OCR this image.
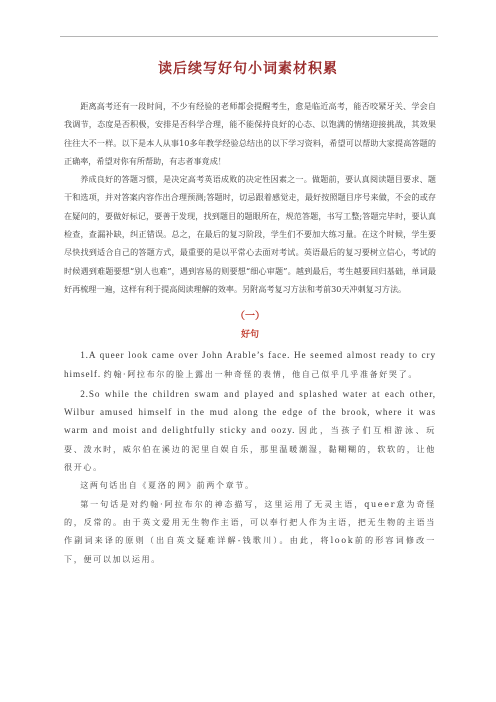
读后续写好句小词素材积累

距离高考还有一段时间，不少有经验的老师都会提醒考生，愈是临近高考，能否咬紧牙关、学会自我调节，态度是否积极，安排是否科学合理，能不能保持良好的心态、以饱满的情绪迎接挑战，其效果往往大不一样。以下是本人从事10多年教学经验总结出的以下学习资料，希望可以帮助大家提高答题的正确率，希望对你有所帮助，有志者事竟成！

养成良好的答题习惯，是决定高考英语成败的决定性因素之一。做题前，要认真阅读题目要求、题干和选项，并对答案内容作出合理预测;答题时，切忌跟着感觉走，最好按照题目序号来做，不会的或存在疑问的，要做好标记，要善于发现，找到题目的题眼所在，规范答题，书写工整;答题完毕时，要认真检查，查漏补缺，纠正错误。总之，在最后的复习阶段，学生们不要加大练习量。在这个时候，学生要尽快找到适合自己的答题方式，最重要的是以平常心去面对考试。英语最后的复习要树立信心，考试的时候遇到难题要想“别人也难”，遇到容易的则要想“细心审题”。越到最后，考生越要回归基础，单词最好再梳理一遍，这样有利于提高阅读理解的效率。另附高考复习方法和考前30天冲刺复习方法。

（一）
好句

1.A queer look came over John Arable’s face. He seemed almost ready to cry himself. 约翰·阿拉布尔的脸上露出一种奇怪的表情，他自己似乎几乎准备好哭了。

2.So while the children swam and played and splashed water at each other, Wilbur amused himself in the mud along the edge of the brook, where it was warm and moist and delightfully sticky and oozy. 因此，当孩子们互相游泳、玩耍、泼水时，威尔伯在溪边的泥里自娱自乐，那里温暖潮湿，黏糊糊的，软软的，让他很开心。

这两句话出自《夏洛的网》前两个章节。

第一句话是对约翰·阿拉布尔的神态描写，这里运用了无灵主语，queer意为奇怪的，反常的。由于英文爱用无生物作主语，可以奉行把人作为主语，把无生物的主语当作副词来译的原则（出自英文疑难详解-钱歌川）。由此，将look前的形容词修改一下，便可以加以运用。
